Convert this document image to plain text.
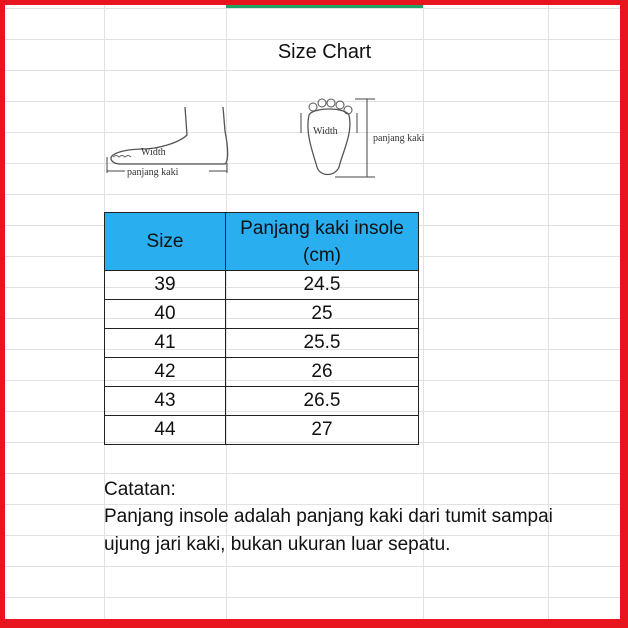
Size Chart
Width
panjang kaki
Width
panjang kaki
Size	Panjang kaki insole (cm)
39	24.5
40	25
41	25.5
42	26
43	26.5
44	27
Catatan:
Panjang insole adalah panjang kaki dari tumit sampai ujung jari kaki, bukan ukuran luar sepatu.
